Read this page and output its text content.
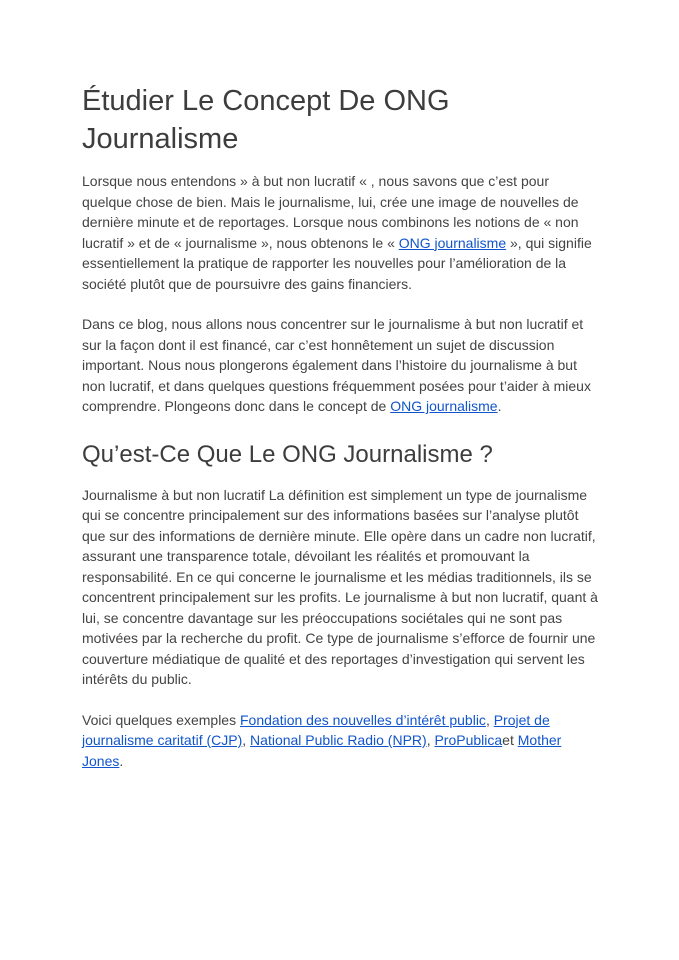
Étudier Le Concept De ONG Journalisme

Lorsque nous entendons » à but non lucratif « , nous savons que c’est pour quelque chose de bien. Mais le journalisme, lui, crée une image de nouvelles de dernière minute et de reportages. Lorsque nous combinons les notions de « non lucratif » et de « journalisme », nous obtenons le « ONG journalisme », qui signifie essentiellement la pratique de rapporter les nouvelles pour l’amélioration de la société plutôt que de poursuivre des gains financiers.

Dans ce blog, nous allons nous concentrer sur le journalisme à but non lucratif et sur la façon dont il est financé, car c’est honnêtement un sujet de discussion important. Nous nous plongerons également dans l’histoire du journalisme à but non lucratif, et dans quelques questions fréquemment posées pour t’aider à mieux comprendre. Plongeons donc dans le concept de ONG journalisme.

Qu’est-Ce Que Le ONG Journalisme ?

Journalisme à but non lucratif La définition est simplement un type de journalisme qui se concentre principalement sur des informations basées sur l’analyse plutôt que sur des informations de dernière minute. Elle opère dans un cadre non lucratif, assurant une transparence totale, dévoilant les réalités et promouvant la responsabilité. En ce qui concerne le journalisme et les médias traditionnels, ils se concentrent principalement sur les profits. Le journalisme à but non lucratif, quant à lui, se concentre davantage sur les préoccupations sociétales qui ne sont pas motivées par la recherche du profit. Ce type de journalisme s’efforce de fournir une couverture médiatique de qualité et des reportages d’investigation qui servent les intérêts du public.

Voici quelques exemples Fondation des nouvelles d’intérêt public, Projet de journalisme caritatif (CJP), National Public Radio (NPR), ProPublicaet Mother Jones.
